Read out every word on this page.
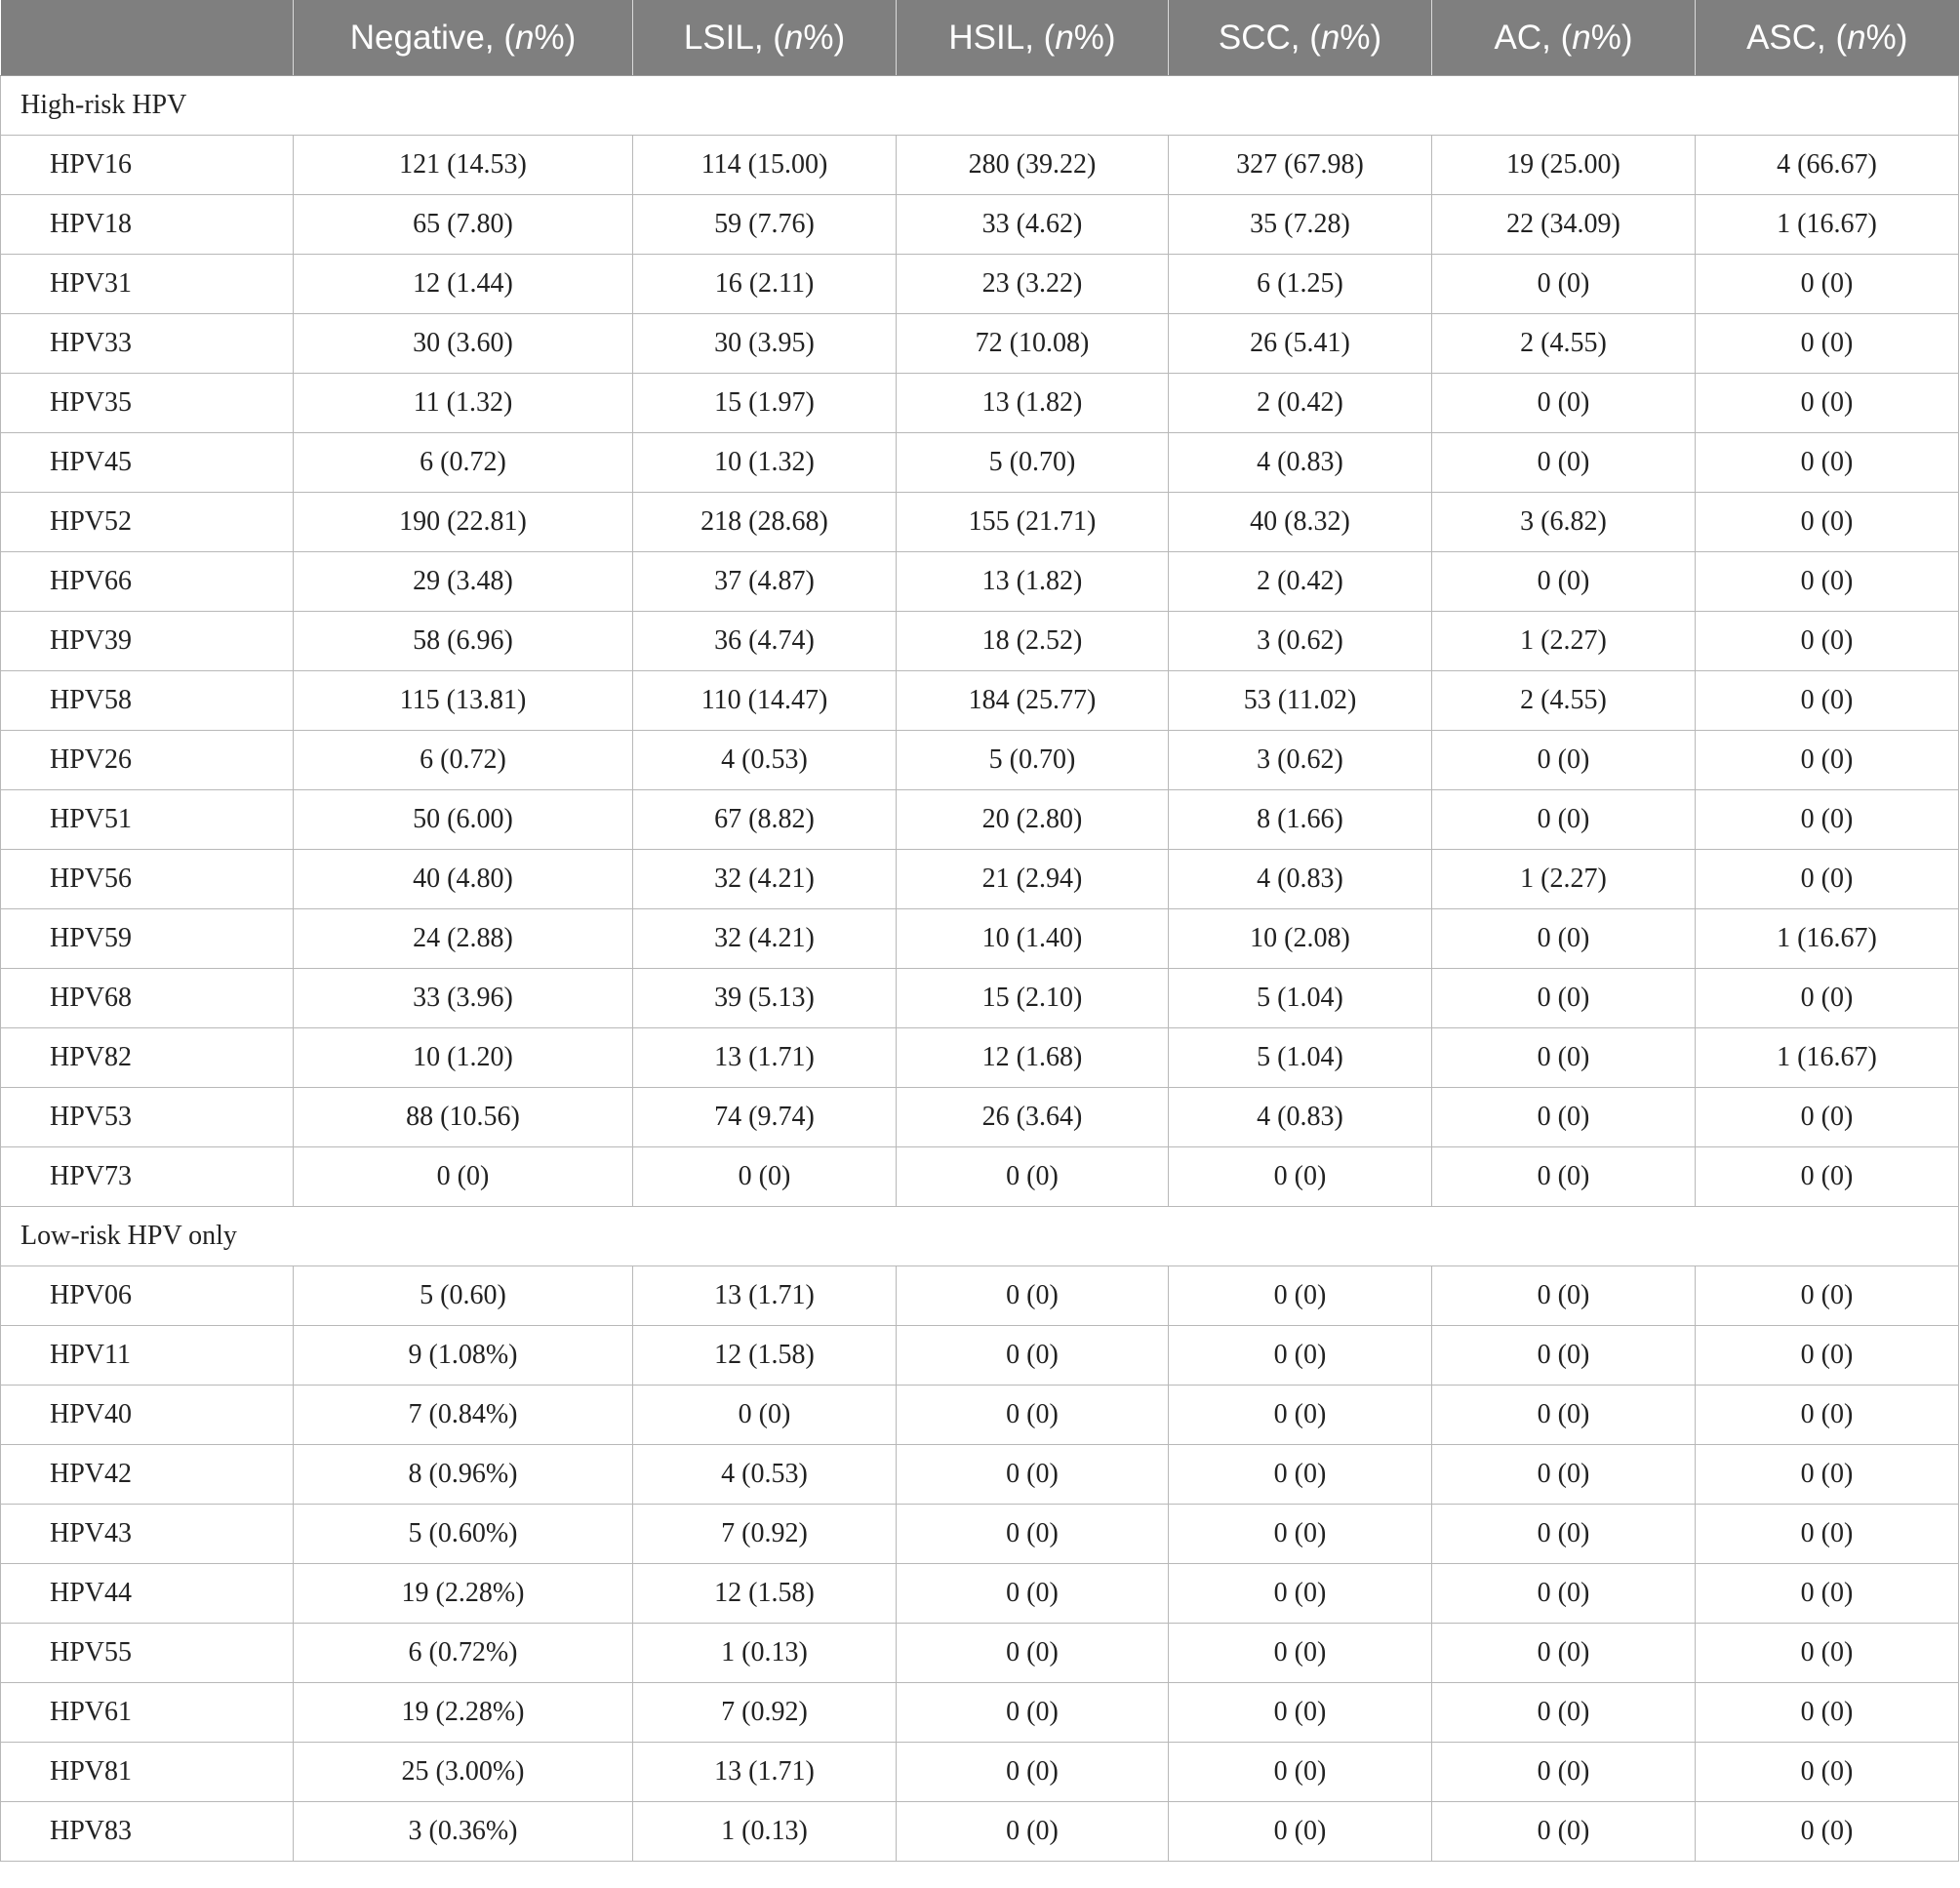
	Negative, (n%)	LSIL, (n%)	HSIL, (n%)	SCC, (n%)	AC, (n%)	ASC, (n%)
High-risk HPV						
HPV16	121 (14.53)	114 (15.00)	280 (39.22)	327 (67.98)	19 (25.00)	4 (66.67)
HPV18	65 (7.80)	59 (7.76)	33 (4.62)	35 (7.28)	22 (34.09)	1 (16.67)
HPV31	12 (1.44)	16 (2.11)	23 (3.22)	6 (1.25)	0 (0)	0 (0)
HPV33	30 (3.60)	30 (3.95)	72 (10.08)	26 (5.41)	2 (4.55)	0 (0)
HPV35	11 (1.32)	15 (1.97)	13 (1.82)	2 (0.42)	0 (0)	0 (0)
HPV45	6 (0.72)	10 (1.32)	5 (0.70)	4 (0.83)	0 (0)	0 (0)
HPV52	190 (22.81)	218 (28.68)	155 (21.71)	40 (8.32)	3 (6.82)	0 (0)
HPV66	29 (3.48)	37 (4.87)	13 (1.82)	2 (0.42)	0 (0)	0 (0)
HPV39	58 (6.96)	36 (4.74)	18 (2.52)	3 (0.62)	1 (2.27)	0 (0)
HPV58	115 (13.81)	110 (14.47)	184 (25.77)	53 (11.02)	2 (4.55)	0 (0)
HPV26	6 (0.72)	4 (0.53)	5 (0.70)	3 (0.62)	0 (0)	0 (0)
HPV51	50 (6.00)	67 (8.82)	20 (2.80)	8 (1.66)	0 (0)	0 (0)
HPV56	40 (4.80)	32 (4.21)	21 (2.94)	4 (0.83)	1 (2.27)	0 (0)
HPV59	24 (2.88)	32 (4.21)	10 (1.40)	10 (2.08)	0 (0)	1 (16.67)
HPV68	33 (3.96)	39 (5.13)	15 (2.10)	5 (1.04)	0 (0)	0 (0)
HPV82	10 (1.20)	13 (1.71)	12 (1.68)	5 (1.04)	0 (0)	1 (16.67)
HPV53	88 (10.56)	74 (9.74)	26 (3.64)	4 (0.83)	0 (0)	0 (0)
HPV73	0 (0)	0 (0)	0 (0)	0 (0)	0 (0)	0 (0)
Low-risk HPV only						
HPV06	5 (0.60)	13 (1.71)	0 (0)	0 (0)	0 (0)	0 (0)
HPV11	9 (1.08%)	12 (1.58)	0 (0)	0 (0)	0 (0)	0 (0)
HPV40	7 (0.84%)	0 (0)	0 (0)	0 (0)	0 (0)	0 (0)
HPV42	8 (0.96%)	4 (0.53)	0 (0)	0 (0)	0 (0)	0 (0)
HPV43	5 (0.60%)	7 (0.92)	0 (0)	0 (0)	0 (0)	0 (0)
HPV44	19 (2.28%)	12 (1.58)	0 (0)	0 (0)	0 (0)	0 (0)
HPV55	6 (0.72%)	1 (0.13)	0 (0)	0 (0)	0 (0)	0 (0)
HPV61	19 (2.28%)	7 (0.92)	0 (0)	0 (0)	0 (0)	0 (0)
HPV81	25 (3.00%)	13 (1.71)	0 (0)	0 (0)	0 (0)	0 (0)
HPV83	3 (0.36%)	1 (0.13)	0 (0)	0 (0)	0 (0)	0 (0)
